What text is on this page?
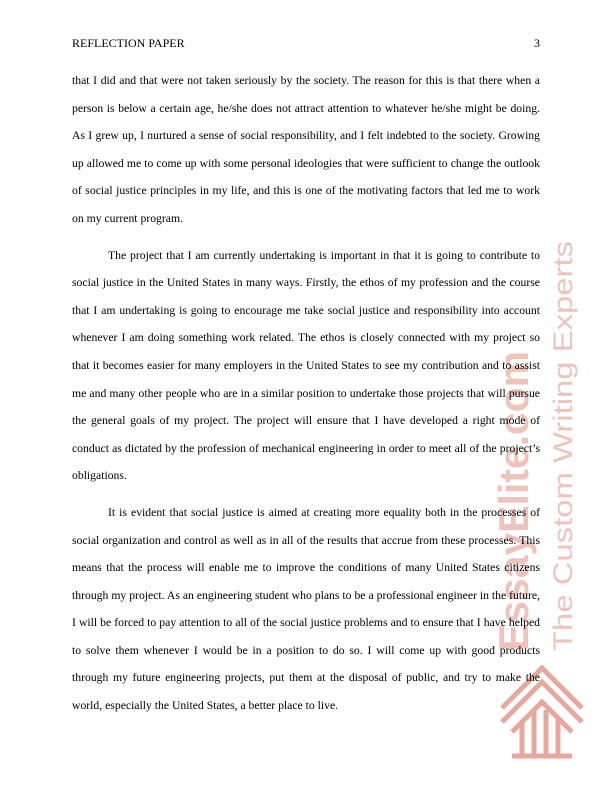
REFLECTION PAPER	3

that I did and that were not taken seriously by the society. The reason for this is that there when a person is below a certain age, he/she does not attract attention to whatever he/she might be doing. As I grew up, I nurtured a sense of social responsibility, and I felt indebted to the society. Growing up allowed me to come up with some personal ideologies that were sufficient to change the outlook of social justice principles in my life, and this is one of the motivating factors that led me to work on my current program.

The project that I am currently undertaking is important in that it is going to contribute to social justice in the United States in many ways. Firstly, the ethos of my profession and the course that I am undertaking is going to encourage me take social justice and responsibility into account whenever I am doing something work related. The ethos is closely connected with my project so that it becomes easier for many employers in the United States to see my contribution and to assist me and many other people who are in a similar position to undertake those projects that will pursue the general goals of my project. The project will ensure that I have developed a right mode of conduct as dictated by the profession of mechanical engineering in order to meet all of the project’s obligations.

It is evident that social justice is aimed at creating more equality both in the processes of social organization and control as well as in all of the results that accrue from these processes. This means that the process will enable me to improve the conditions of many United States citizens through my project. As an engineering student who plans to be a professional engineer in the future, I will be forced to pay attention to all of the social justice problems and to ensure that I have helped to solve them whenever I would be in a position to do so. I will come up with good products through my future engineering projects, put them at the disposal of public, and try to make the world, especially the United States, a better place to live.

EssayElite.com The Custom Writing Experts
